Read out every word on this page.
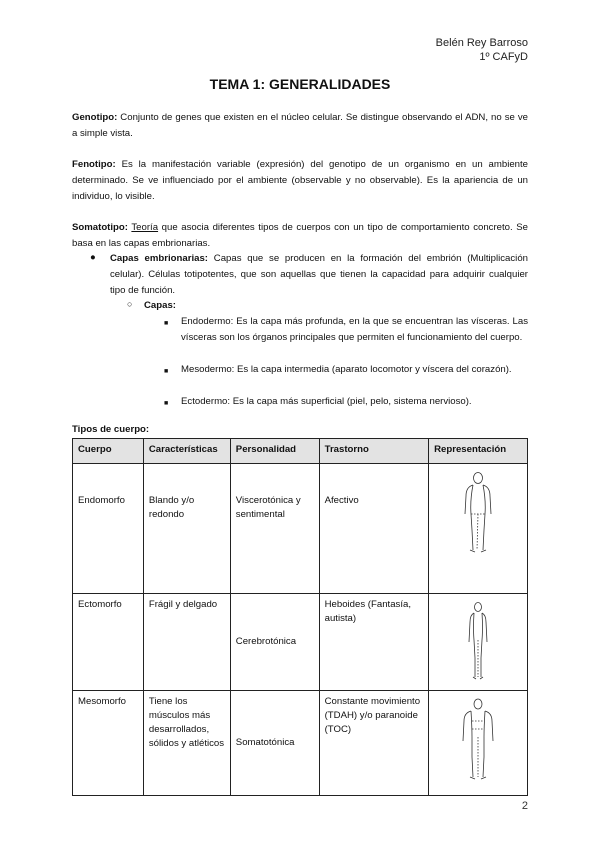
Belén Rey Barroso
1º CAFyD
TEMA 1: GENERALIDADES
Genotipo: Conjunto de genes que existen en el núcleo celular. Se distingue observando el ADN, no se ve a simple vista.
Fenotipo: Es la manifestación variable (expresión) del genotipo de un organismo en un ambiente determinado. Se ve influenciado por el ambiente (observable y no observable). Es la apariencia de un individuo, lo visible.
Somatotipo: Teoría que asocia diferentes tipos de cuerpos con un tipo de comportamiento concreto. Se basa en las capas embrionarias.
● Capas embrionarias: Capas que se producen en la formación del embrión (Multiplicación celular). Células totipotentes, que son aquellas que tienen la capacidad para adquirir cualquier tipo de función.
○ Capas:
■ Endodermo: Es la capa más profunda, en la que se encuentran las vísceras. Las vísceras son los órganos principales que permiten el funcionamiento del cuerpo.
■ Mesodermo: Es la capa intermedia (aparato locomotor y víscera del corazón).
■ Ectodermo: Es la capa más superficial (piel, pelo, sistema nervioso).
Tipos de cuerpo:
Cuerpo	Características	Personalidad	Trastorno	Representación
Endomorfo	Blando y/o redondo	Viscerotónica y sentimental	Afectivo	

Ectomorfo	Frágil y delgado	Cerebrotónica	Heboides (Fantasía, autista)	

Mesomorfo	Tiene los músculos más desarrollados, sólidos y atléticos	Somatotónica	Constante movimiento (TDAH) y/o paranoide (TOC)	
2
